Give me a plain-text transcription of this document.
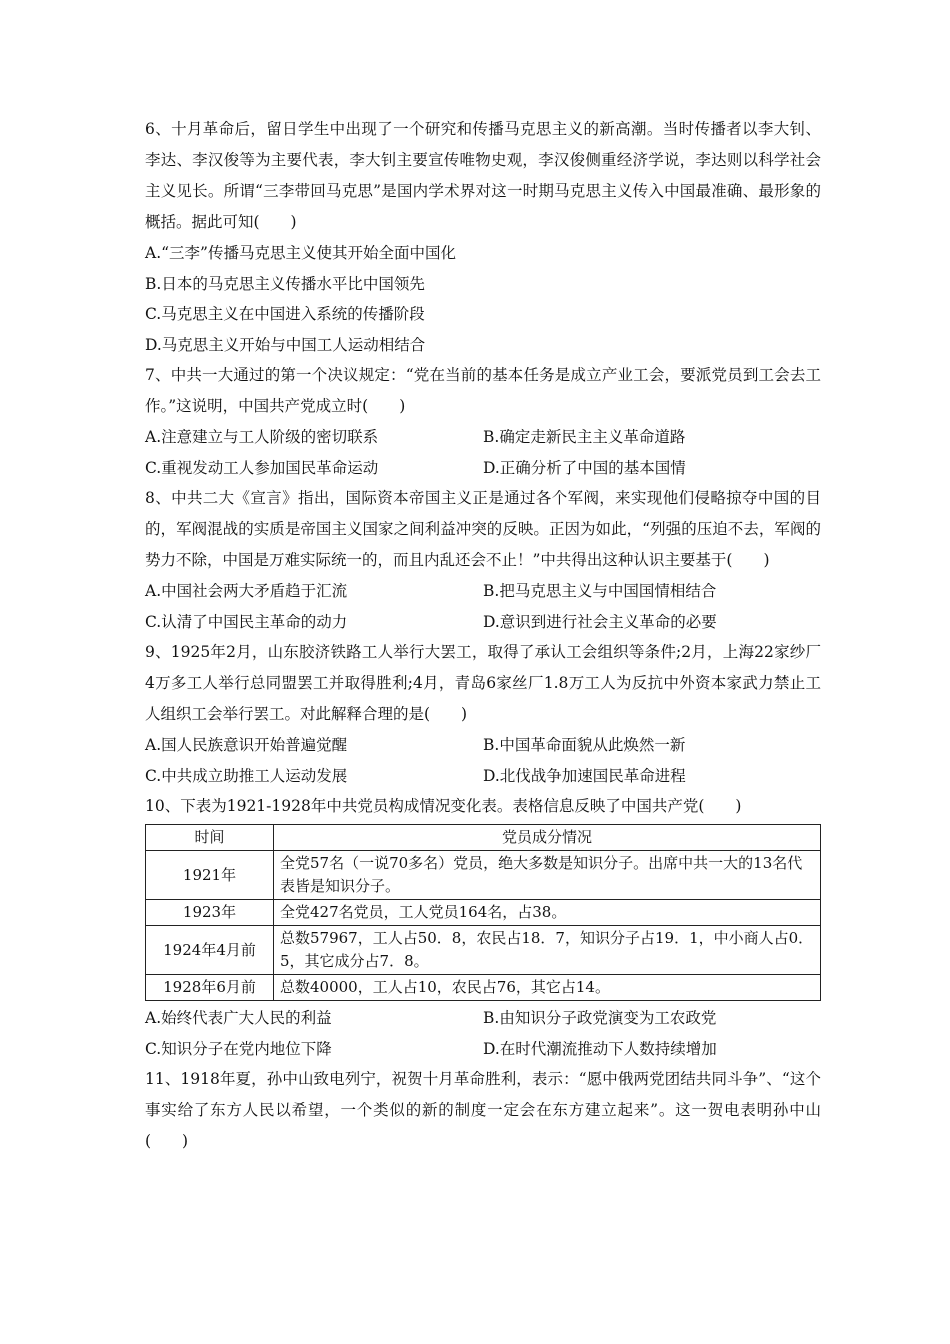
6、十月革命后，留日学生中出现了一个研究和传播马克思主义的新高潮。当时传播者以李大钊、李达、李汉俊等为主要代表，李大钊主要宣传唯物史观，李汉俊侧重经济学说，李达则以科学社会主义见长。所谓“三李带回马克思”是国内学术界对这一时期马克思主义传入中国最准确、最形象的概括。据此可知(　　)

A.“三李”传播马克思主义使其开始全面中国化

B.日本的马克思主义传播水平比中国领先

C.马克思主义在中国进入系统的传播阶段

D.马克思主义开始与中国工人运动相结合

7、中共一大通过的第一个决议规定：“党在当前的基本任务是成立产业工会，要派党员到工会去工作。”这说明，中国共产党成立时(　　)

A.注意建立与工人阶级的密切联系	B.确定走新民主主义革命道路

C.重视发动工人参加国民革命运动	D.正确分析了中国的基本国情

8、中共二大《宣言》指出，国际资本帝国主义正是通过各个军阀，来实现他们侵略掠夺中国的目的，军阀混战的实质是帝国主义国家之间利益冲突的反映。正因为如此，“列强的压迫不去，军阀的势力不除，中国是万难实际统一的，而且内乱还会不止！”中共得出这种认识主要基于(　　)

A.中国社会两大矛盾趋于汇流	B.把马克思主义与中国国情相结合

C.认清了中国民主革命的动力	D.意识到进行社会主义革命的必要

9、1925年2月，山东胶济铁路工人举行大罢工，取得了承认工会组织等条件;2月，上海22家纱厂4万多工人举行总同盟罢工并取得胜利;4月，青岛6家丝厂1.8万工人为反抗中外资本家武力禁止工人组织工会举行罢工。对此解释合理的是(　　)

A.国人民族意识开始普遍觉醒	B.中国革命面貌从此焕然一新

C.中共成立助推工人运动发展	D.北伐战争加速国民革命进程

10、下表为1921-1928年中共党员构成情况变化表。表格信息反映了中国共产党(　　)

时间	党员成分情况
1921年	全党57名（一说70多名）党员，绝大多数是知识分子。出席中共一大的13名代表皆是知识分子。
1923年	全党427名党员，工人党员164名，占38。
1924年4月前	总数57967，工人占50．8，农民占18．7，知识分子占19．1，中小商人占0．5，其它成分占7．8。
1928年6月前	总数40000，工人占10，农民占76，其它占14。

A.始终代表广大人民的利益	B.由知识分子政党演变为工农政党

C.知识分子在党内地位下降	D.在时代潮流推动下人数持续增加

11、1918年夏，孙中山致电列宁，祝贺十月革命胜利，表示：“愿中俄两党团结共同斗争”、“这个事实给了东方人民以希望，一个类似的新的制度一定会在东方建立起来”。这一贺电表明孙中山(　　)
